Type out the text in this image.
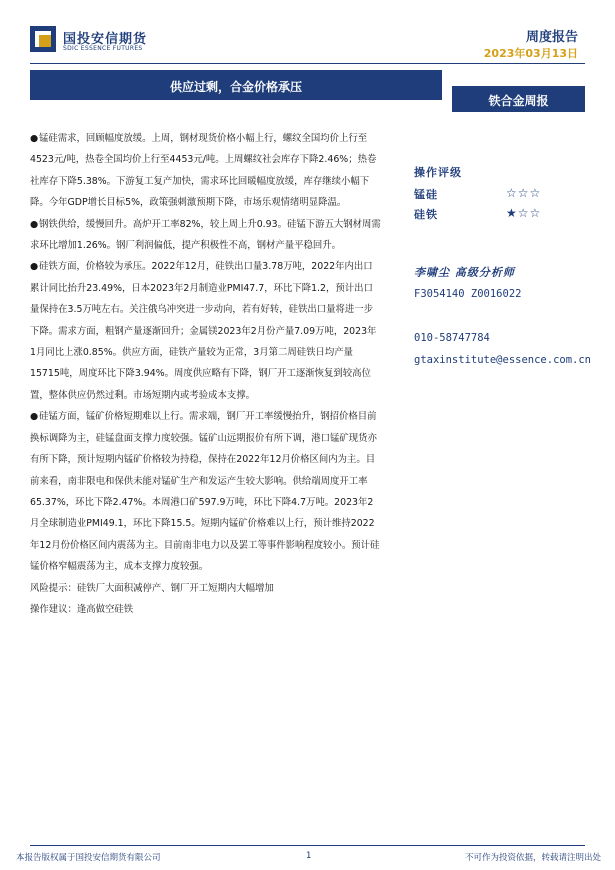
国投安信期货
SDIC ESSENCE FUTURES
周度报告
2023年03月13日
供应过剩，合金价格承压
铁合金周报

●锰硅需求，回顾幅度放缓。上周，钢材现货价格小幅上行，螺纹全国均价上行至4523元/吨，热卷全国均价上行至4453元/吨。上周螺纹社会库存下降2.46%；热卷社库存下降5.38%。下游复工复产加快，需求环比回暖幅度放缓，库存继续小幅下降。今年GDP增长目标5%，政策强刺激预期下降，市场乐观情绪明显降温。

●钢铁供给，缓慢回升。高炉开工率82%，较上周上升0.93。硅锰下游五大钢材周需求环比增加1.26%。钢厂利润偏低，提产积极性不高，钢材产量平稳回升。

●硅铁方面，价格较为承压。2022年12月，硅铁出口量3.78万吨，2022年内出口累计同比抬升23.49%，日本2023年2月制造业PMI47.7，环比下降1.2，预计出口量保持在3.5万吨左右。关注俄乌冲突进一步动向，若有好转，硅铁出口量将进一步下降。需求方面，粗钢产量逐渐回升；金属镁2023年2月份产量7.09万吨，2023年1月同比上涨0.85%。供应方面，硅铁产量较为正常，3月第二周硅铁日均产量15715吨，周度环比下降3.94%。周度供应略有下降，钢厂开工逐渐恢复到较高位置，整体供应仍然过剩。市场短期内或考验成本支撑。

●硅锰方面，锰矿价格短期难以上行。需求端，钢厂开工率缓慢抬升，钢招价格目前换标调降为主，硅锰盘面支撑力度较强。锰矿山远期报价有所下调，港口锰矿现货亦有所下降，预计短期内锰矿价格较为持稳，保持在2022年12月价格区间内为主。目前来看，南非限电和保供未能对锰矿生产和发运产生较大影响。供给端周度开工率65.37%，环比下降2.47%。本周港口矿597.9万吨，环比下降4.7万吨。2023年2月全球制造业PMI49.1，环比下降15.5。短期内锰矿价格难以上行，预计维持2022年12月份价格区间内震荡为主。目前南非电力以及罢工等事件影响程度较小。预计硅锰价格窄幅震荡为主，成本支撑力度较强。

风险提示：硅铁厂大面积减停产、钢厂开工短期内大幅增加

操作建议：逢高做空硅铁

操作评级
锰硅	☆☆☆
硅铁	★☆☆
李啸尘 高级分析师
F3054140 Z0016022
010-58747784
gtaxinstitute@essence.com.cn
本报告版权属于国投安信期货有限公司	1	不可作为投资依据，转载请注明出处
